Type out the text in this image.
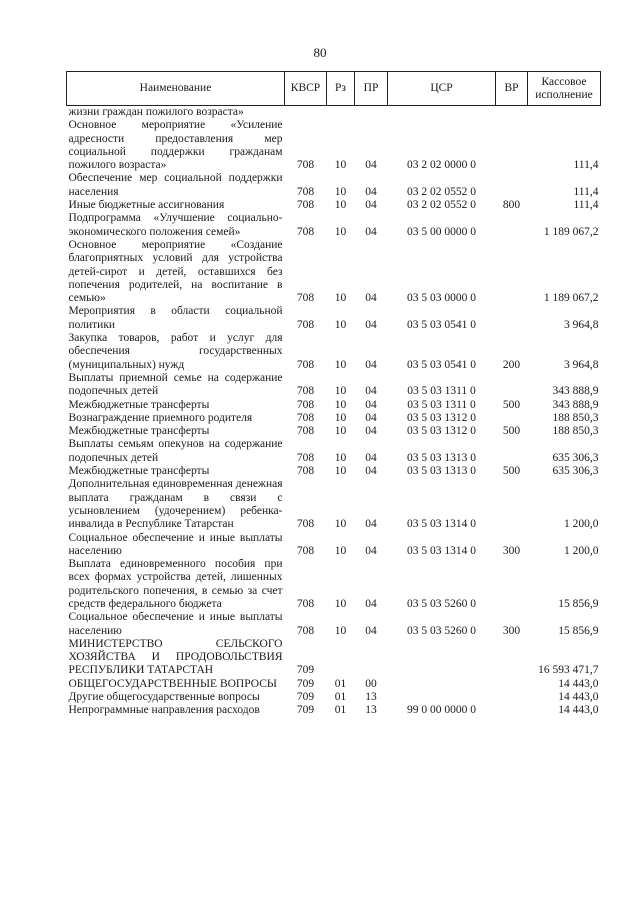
80
Наименование	КВСР	Рз	ПР	ЦСР	ВР	Кассовое исполнение
жизни граждан пожилого возраста»						
Основное мероприятие «Усиление адресности предоставления мер социальной поддержки гражданам пожилого возраста»	708	10	04	03 2 02 0000 0		111,4
Обеспечение мер социальной поддержки населения	708	10	04	03 2 02 0552 0		111,4
Иные бюджетные ассигнования	708	10	04	03 2 02 0552 0	800	111,4
Подпрограмма «Улучшение социально-экономического положения семей»	708	10	04	03 5 00 0000 0		1 189 067,2
Основное мероприятие «Создание благоприятных условий для устройства детей-сирот и детей, оставшихся без попечения родителей, на воспитание в семью»	708	10	04	03 5 03 0000 0		1 189 067,2
Мероприятия в области социальной политики	708	10	04	03 5 03 0541 0		3 964,8
Закупка товаров, работ и услуг для обеспечения государственных (муниципальных) нужд	708	10	04	03 5 03 0541 0	200	3 964,8
Выплаты приемной семье на содержание подопечных детей	708	10	04	03 5 03 1311 0		343 888,9
Межбюджетные трансферты	708	10	04	03 5 03 1311 0	500	343 888,9
Вознаграждение приемного родителя	708	10	04	03 5 03 1312 0		188 850,3
Межбюджетные трансферты	708	10	04	03 5 03 1312 0	500	188 850,3
Выплаты семьям опекунов на содержание подопечных детей	708	10	04	03 5 03 1313 0		635 306,3
Межбюджетные трансферты	708	10	04	03 5 03 1313 0	500	635 306,3
Дополнительная единовременная денежная выплата гражданам в связи с усыновлением (удочерением) ребенка-инвалида в Республике Татарстан	708	10	04	03 5 03 1314 0		1 200,0
Социальное обеспечение и иные выплаты населению	708	10	04	03 5 03 1314 0	300	1 200,0
Выплата единовременного пособия при всех формах устройства детей, лишенных родительского попечения, в семью за счет средств федерального бюджета	708	10	04	03 5 03 5260 0		15 856,9
Социальное обеспечение и иные выплаты населению	708	10	04	03 5 03 5260 0	300	15 856,9
МИНИСТЕРСТВО СЕЛЬСКОГО ХОЗЯЙСТВА И ПРОДОВОЛЬСТВИЯ РЕСПУБЛИКИ ТАТАРСТАН	709					16 593 471,7
ОБЩЕГОСУДАРСТВЕННЫЕ ВОПРОСЫ	709	01	00			14 443,0
Другие общегосударственные вопросы	709	01	13			14 443,0
Непрограммные направления расходов	709	01	13	99 0 00 0000 0		14 443,0
